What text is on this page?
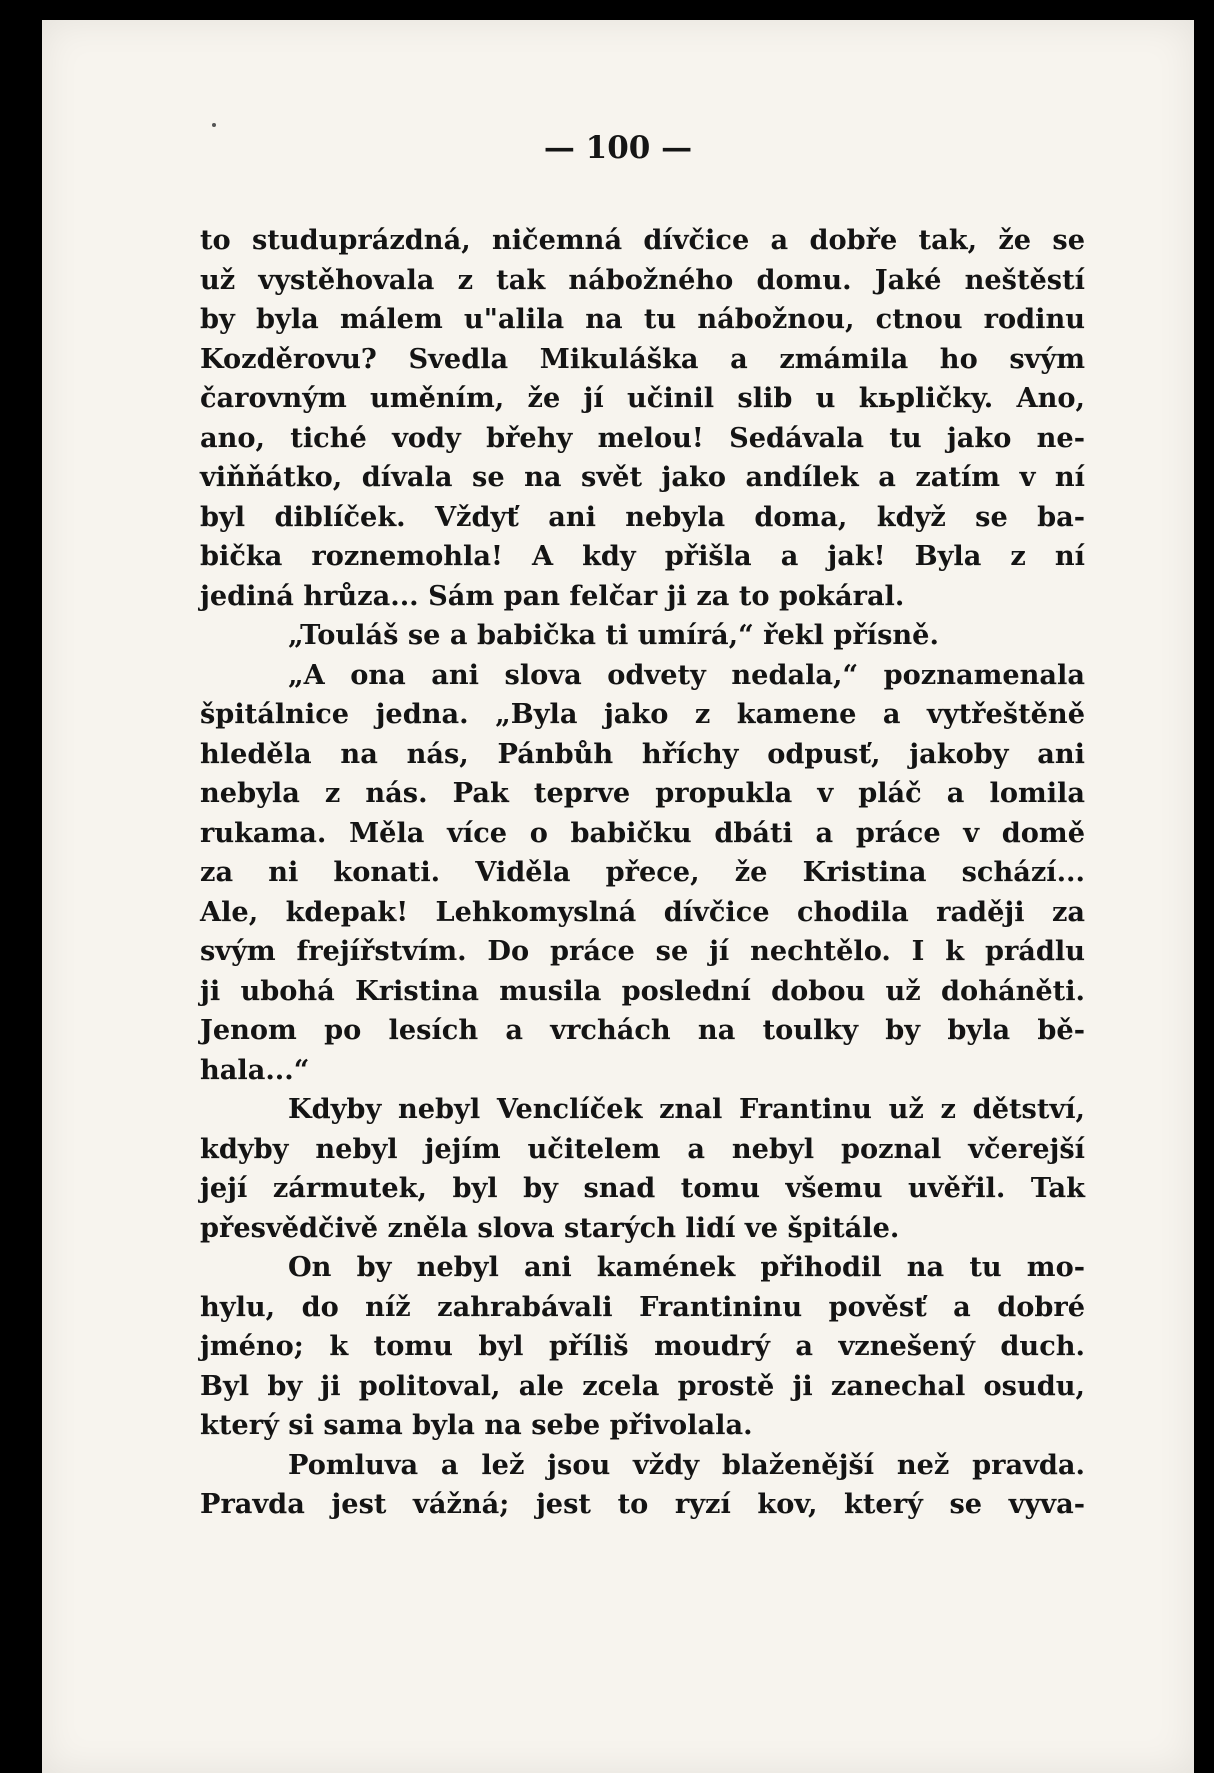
— 100 —
to studuprázdná, ničemná dívčice a dobře tak, že se
už vystěhovala z tak nábožného domu. Jaké neštěstí
by byla málem u"alila na tu nábožnou, ctnou rodinu
Kozděrovu? Svedla Mikuláška a zmámila ho svým
čarovným uměním, že jí učinil slib u kьpličky. Ano,
ano, tiché vody břehy melou! Sedávala tu jako ne-
viňňátko, dívala se na svět jako andílek a zatím v ní
byl diblíček. Vždyť ani nebyla doma, když se ba-
bička roznemohla! A kdy přišla a jak! Byla z ní
jediná hrůza... Sám pan felčar ji za to pokáral.
„Touláš se a babička ti umírá,“ řekl přísně.
„A ona ani slova odvety nedala,“ poznamenala
špitálnice jedna. „Byla jako z kamene a vytřeštěně
hleděla na nás, Pánbůh hříchy odpusť, jakoby ani
nebyla z nás. Pak teprve propukla v pláč a lomila
rukama. Měla více o babičku dbáti a práce v domě
za ni konati. Viděla přece, že Kristina schází...
Ale, kdepak! Lehkomyslná dívčice chodila raději za
svým frejířstvím. Do práce se jí nechtělo. I k prádlu
ji ubohá Kristina musila poslední dobou už doháněti.
Jenom po lesích a vrchách na toulky by byla bě-
hala...“
Kdyby nebyl Venclíček znal Frantinu už z dětství,
kdyby nebyl jejím učitelem a nebyl poznal včerejší
její zármutek, byl by snad tomu všemu uvěřil. Tak
přesvědčivě zněla slova starých lidí ve špitále.
On by nebyl ani kamének přihodil na tu mo-
hylu, do níž zahrabávali Frantininu pověsť a dobré
jméno; k tomu byl příliš moudrý a vznešený duch.
Byl by ji politoval, ale zcela prostě ji zanechal osudu,
který si sama byla na sebe přivolala.
Pomluva a lež jsou vždy blaženější než pravda.
Pravda jest vážná; jest to ryzí kov, který se vyva-
